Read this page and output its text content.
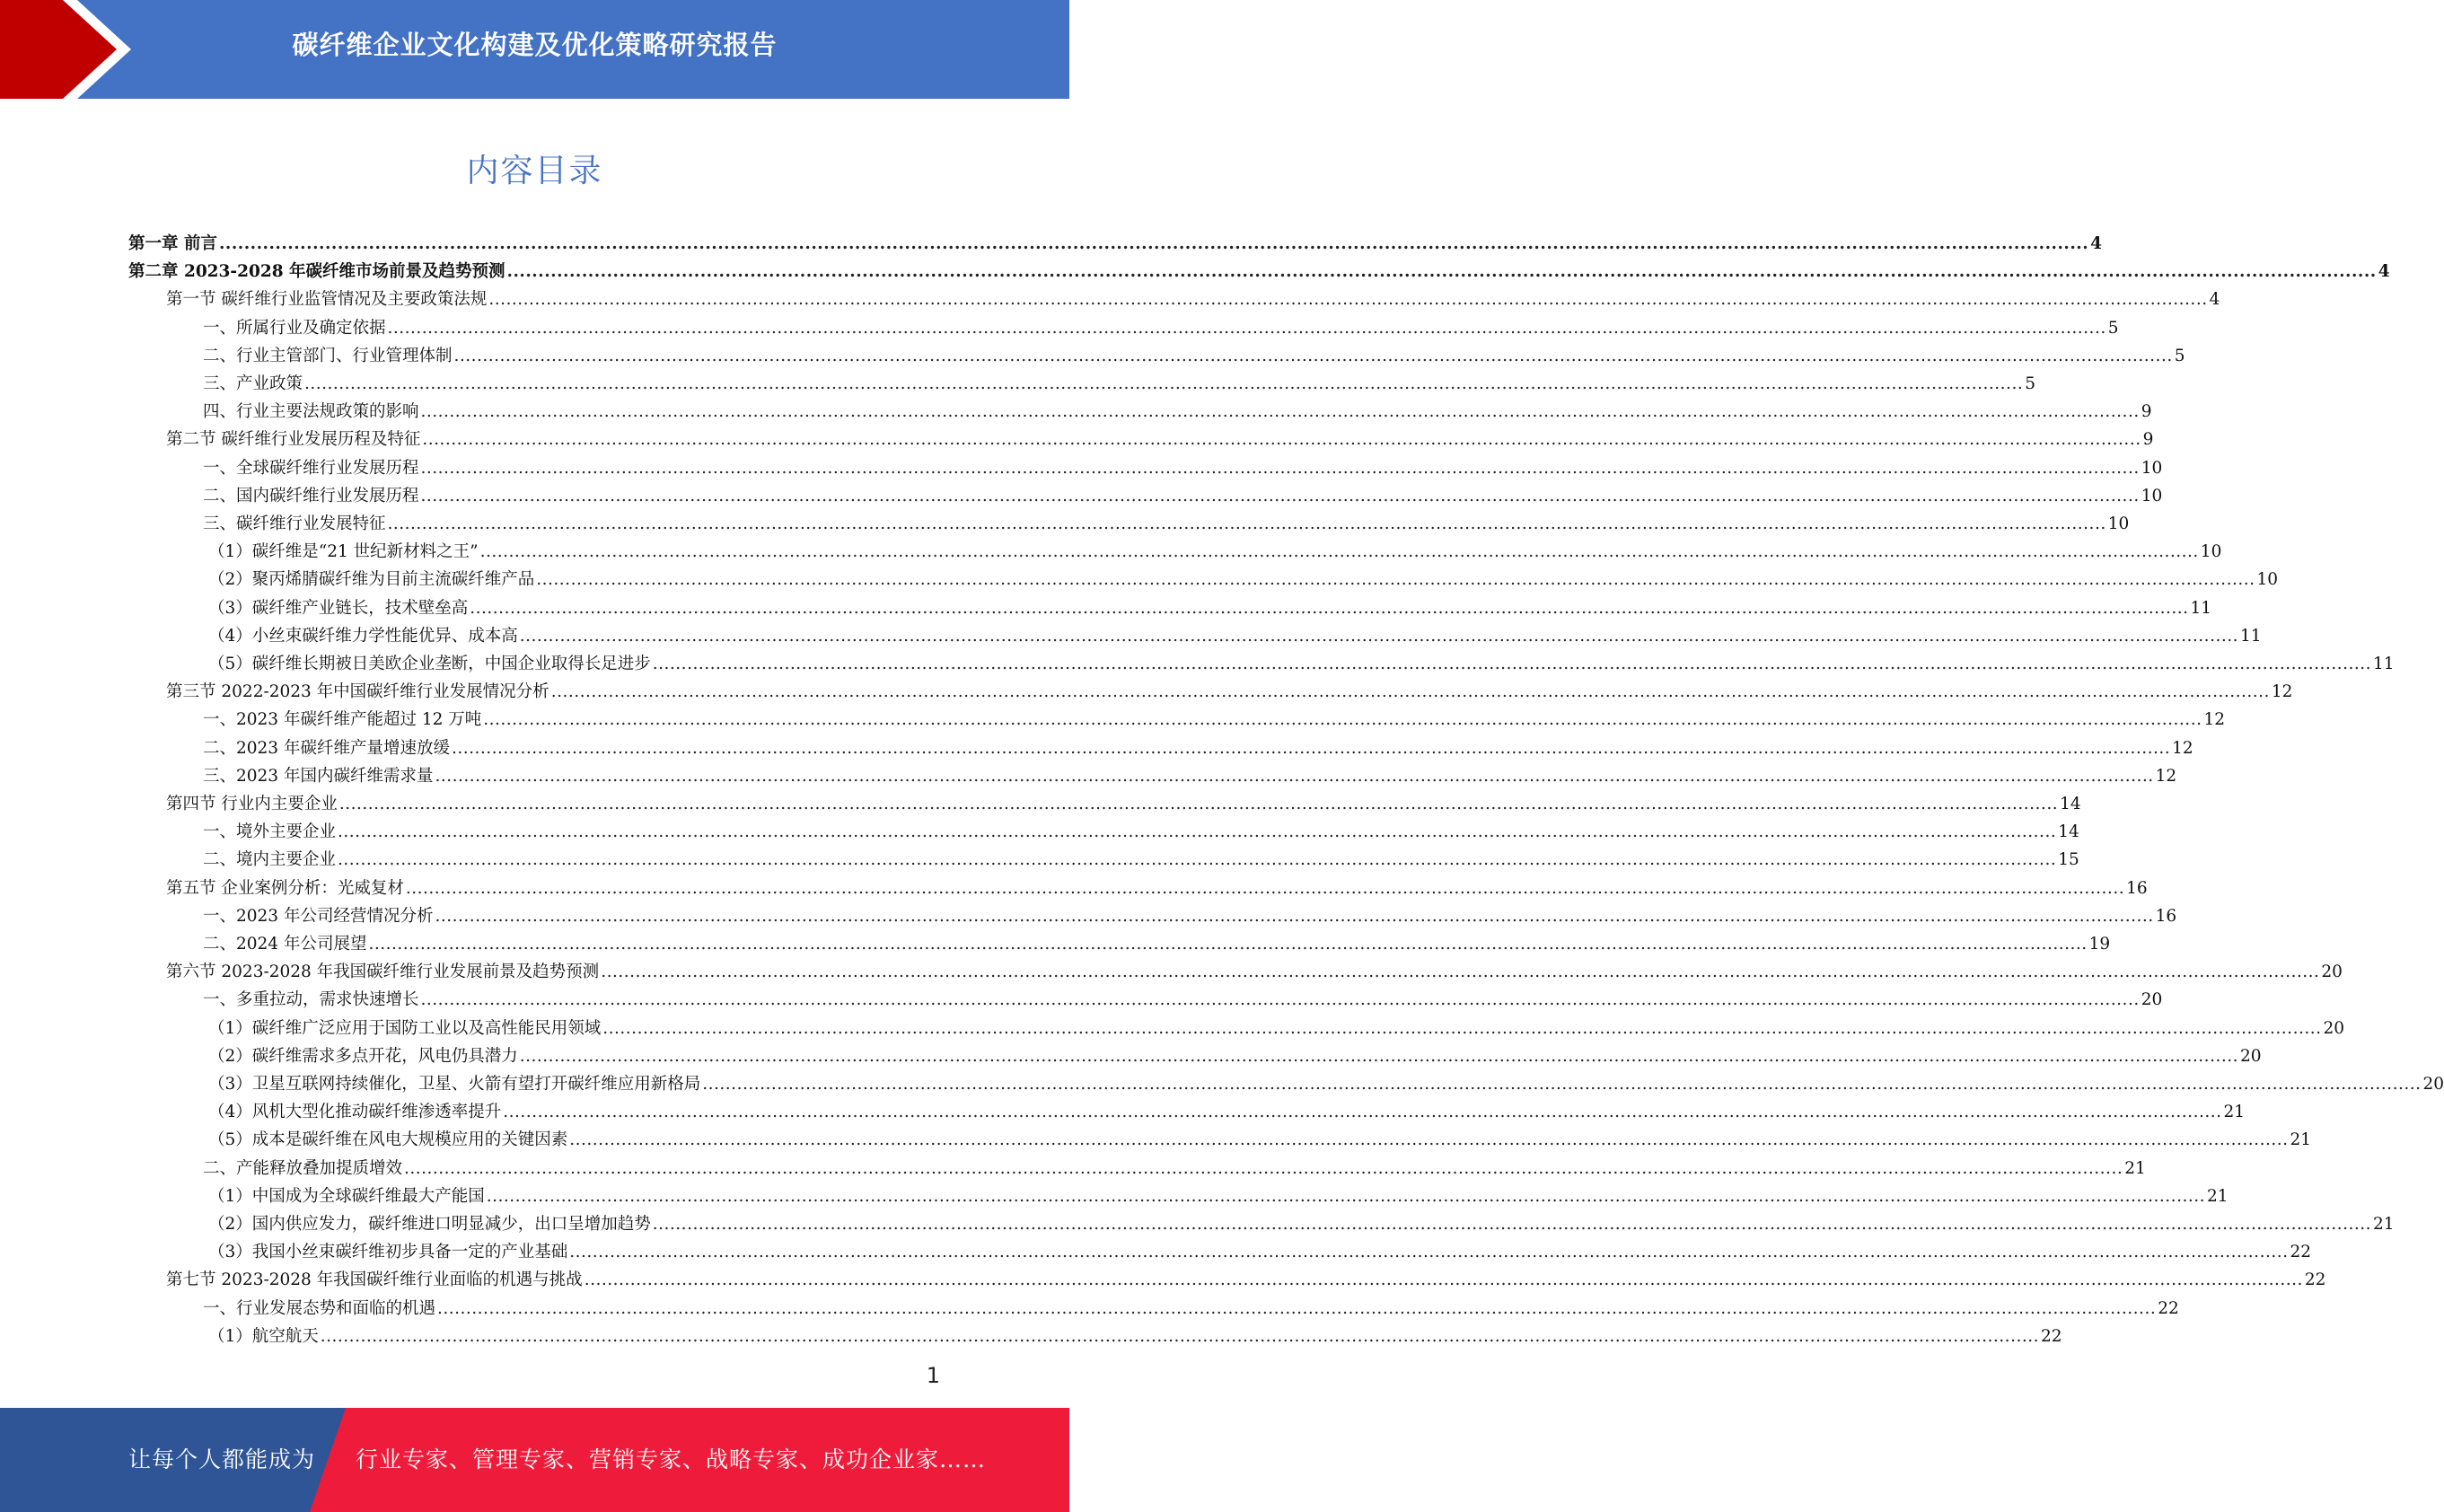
碳纤维企业文化构建及优化策略研究报告
内容目录
第一章 前言 ............................................................................................................................................................................................................................................................................................................ 4
第二章 2023-2028 年碳纤维市场前景及趋势预测 ............................................................................................................................................................................................................................................................................................................ 4
第一节 碳纤维行业监管情况及主要政策法规 ............................................................................................................................................................................................................................................................................................................ 4
一、所属行业及确定依据 ............................................................................................................................................................................................................................................................................................................ 5
二、行业主管部门、行业管理体制 ............................................................................................................................................................................................................................................................................................................ 5
三、产业政策 ............................................................................................................................................................................................................................................................................................................ 5
四、行业主要法规政策的影响 ............................................................................................................................................................................................................................................................................................................ 9
第二节 碳纤维行业发展历程及特征 ............................................................................................................................................................................................................................................................................................................ 9
一、全球碳纤维行业发展历程 ............................................................................................................................................................................................................................................................................................................ 10
二、国内碳纤维行业发展历程 ............................................................................................................................................................................................................................................................................................................ 10
三、碳纤维行业发展特征 ............................................................................................................................................................................................................................................................................................................ 10
（1）碳纤维是“21 世纪新材料之王” ............................................................................................................................................................................................................................................................................................................ 10
（2）聚丙烯腈碳纤维为目前主流碳纤维产品 ............................................................................................................................................................................................................................................................................................................ 10
（3）碳纤维产业链长，技术壁垒高 ............................................................................................................................................................................................................................................................................................................ 11
（4）小丝束碳纤维力学性能优异、成本高 ............................................................................................................................................................................................................................................................................................................ 11
（5）碳纤维长期被日美欧企业垄断，中国企业取得长足进步 ............................................................................................................................................................................................................................................................................................................ 11
第三节 2022-2023 年中国碳纤维行业发展情况分析 ............................................................................................................................................................................................................................................................................................................ 12
一、2023 年碳纤维产能超过 12 万吨 ............................................................................................................................................................................................................................................................................................................ 12
二、2023 年碳纤维产量增速放缓 ............................................................................................................................................................................................................................................................................................................ 12
三、2023 年国内碳纤维需求量 ............................................................................................................................................................................................................................................................................................................ 12
第四节 行业内主要企业 ............................................................................................................................................................................................................................................................................................................ 14
一、境外主要企业 ............................................................................................................................................................................................................................................................................................................ 14
二、境内主要企业 ............................................................................................................................................................................................................................................................................................................ 15
第五节 企业案例分析：光威复材 ............................................................................................................................................................................................................................................................................................................ 16
一、2023 年公司经营情况分析 ............................................................................................................................................................................................................................................................................................................ 16
二、2024 年公司展望 ............................................................................................................................................................................................................................................................................................................ 19
第六节 2023-2028 年我国碳纤维行业发展前景及趋势预测 ............................................................................................................................................................................................................................................................................................................ 20
一、多重拉动，需求快速增长 ............................................................................................................................................................................................................................................................................................................ 20
（1）碳纤维广泛应用于国防工业以及高性能民用领域 ............................................................................................................................................................................................................................................................................................................ 20
（2）碳纤维需求多点开花，风电仍具潜力 ............................................................................................................................................................................................................................................................................................................ 20
（3）卫星互联网持续催化，卫星、火箭有望打开碳纤维应用新格局 ............................................................................................................................................................................................................................................................................................................ 20
（4）风机大型化推动碳纤维渗透率提升 ............................................................................................................................................................................................................................................................................................................ 21
（5）成本是碳纤维在风电大规模应用的关键因素 ............................................................................................................................................................................................................................................................................................................ 21
二、产能释放叠加提质增效 ............................................................................................................................................................................................................................................................................................................ 21
（1）中国成为全球碳纤维最大产能国 ............................................................................................................................................................................................................................................................................................................ 21
（2）国内供应发力，碳纤维进口明显减少，出口呈增加趋势 ............................................................................................................................................................................................................................................................................................................ 21
（3）我国小丝束碳纤维初步具备一定的产业基础 ............................................................................................................................................................................................................................................................................................................ 22
第七节 2023-2028 年我国碳纤维行业面临的机遇与挑战 ............................................................................................................................................................................................................................................................................................................ 22
一、行业发展态势和面临的机遇 ............................................................................................................................................................................................................................................................................................................ 22
（1）航空航天 ............................................................................................................................................................................................................................................................................................................ 22
1
让每个人都能成为 行业专家、管理专家、营销专家、战略专家、成功企业家……
